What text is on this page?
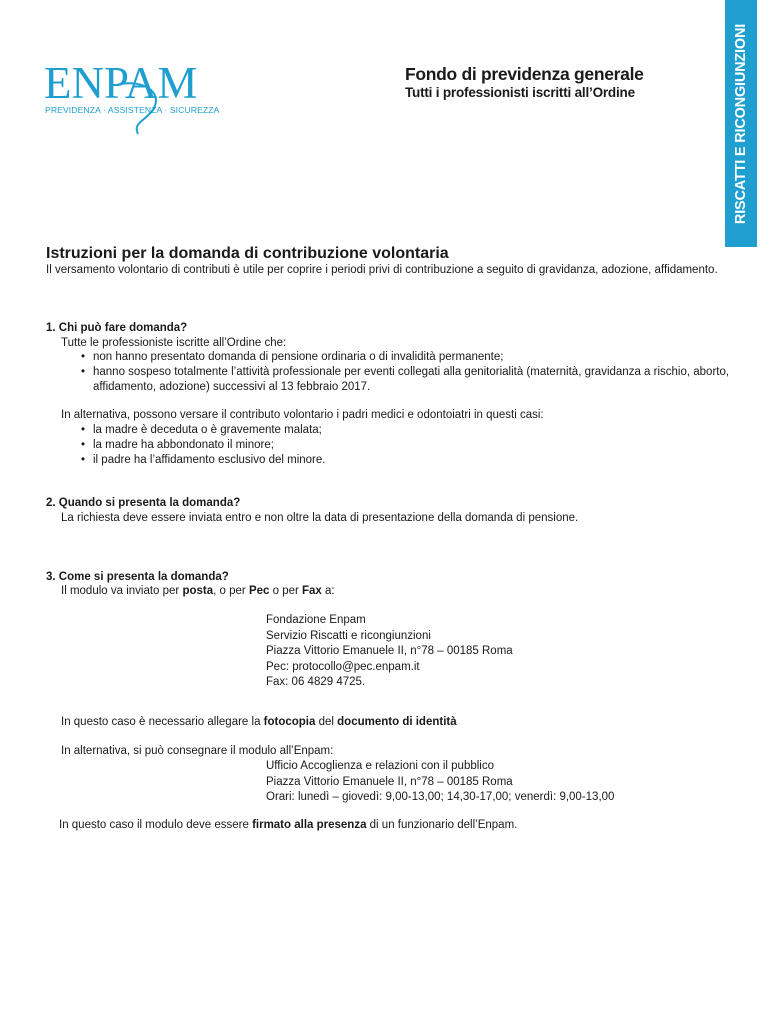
ENPAM
PREVIDENZA · ASSISTENZA · SICUREZZA
Fondo di previdenza generale
Tutti i professionisti iscritti all’Ordine	RISCATTI E RICONGIUNZIONI
Istruzioni per la domanda di contribuzione volontaria
Il versamento volontario di contributi è utile per coprire i periodi privi di contribuzione a seguito di gravidanza, adozione, affidamento.
1. Chi può fare domanda?
Tutte le professioniste iscritte all’Ordine che:
• non hanno presentato domanda di pensione ordinaria o di invalidità permanente;
• hanno sospeso totalmente l’attività professionale per eventi collegati alla genitorialità (maternità, gravidanza a rischio, aborto, affidamento, adozione) successivi al 13 febbraio 2017.
In alternativa, possono versare il contributo volontario i padri medici e odontoiatri in questi casi:
• la madre è deceduta o è gravemente malata;
• la madre ha abbondonato il minore;
• il padre ha l’affidamento esclusivo del minore.
2. Quando si presenta la domanda?
La richiesta deve essere inviata entro e non oltre la data di presentazione della domanda di pensione.
3. Come si presenta la domanda?
Il modulo va inviato per posta, o per Pec o per Fax a:
Fondazione Enpam
Servizio Riscatti e ricongiunzioni
Piazza Vittorio Emanuele II, n°78 – 00185 Roma
Pec: protocollo@pec.enpam.it
Fax: 06 4829 4725.
In questo caso è necessario allegare la fotocopia del documento di identità
In alternativa, si può consegnare il modulo all’Enpam:
Ufficio Accoglienza e relazioni con il pubblico
Piazza Vittorio Emanuele II, n°78 – 00185 Roma
Orari: lunedì – giovedì: 9,00-13,00; 14,30-17,00; venerdì: 9,00-13,00
In questo caso il modulo deve essere firmato alla presenza di un funzionario dell’Enpam.
